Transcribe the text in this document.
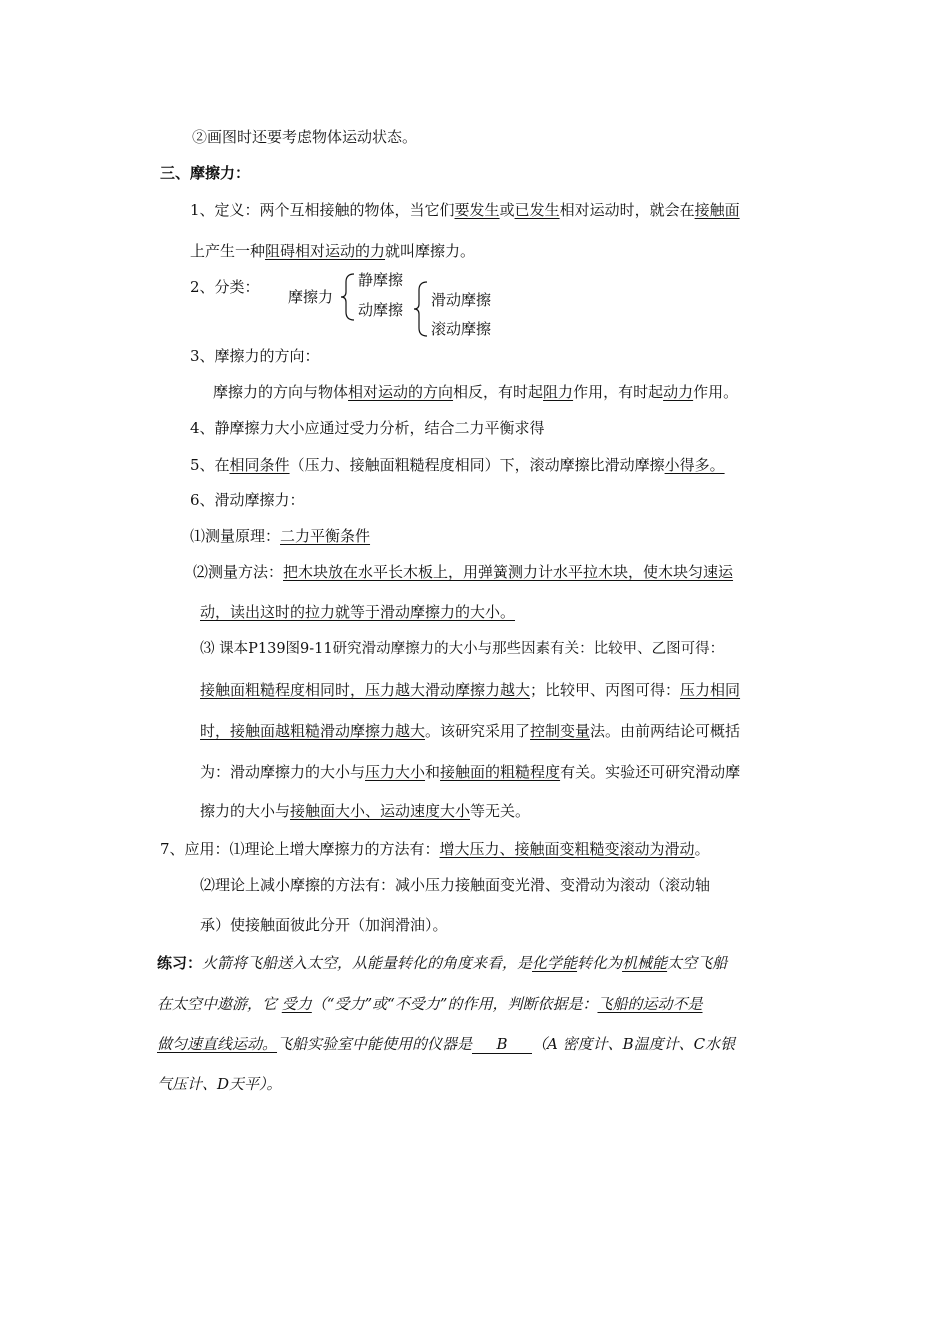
②画图时还要考虑物体运动状态。
三、摩擦力：
1、定义：两个互相接触的物体，当它们要发生或已发生相对运动时，就会在接触面
上产生一种阻碍相对运动的力就叫摩擦力。
2、分类：
摩擦力
静摩擦
动摩擦
滑动摩擦
滚动摩擦
3、摩擦力的方向：
摩擦力的方向与物体相对运动的方向相反，有时起阻力作用，有时起动力作用。
4、静摩擦力大小应通过受力分析，结合二力平衡求得
5、在相同条件（压力、接触面粗糙程度相同）下，滚动摩擦比滑动摩擦小得多。
6、滑动摩擦力：
⑴测量原理：二力平衡条件
⑵测量方法：把木块放在水平长木板上，用弹簧测力计水平拉木块，使木块匀速运
动，读出这时的拉力就等于滑动摩擦力的大小。
⑶ 课本P139图9-11研究滑动摩擦力的大小与那些因素有关：比较甲、乙图可得：
接触面粗糙程度相同时，压力越大滑动摩擦力越大；比较甲、丙图可得：压力相同
时，接触面越粗糙滑动摩擦力越大。该研究采用了控制变量法。由前两结论可概括
为：滑动摩擦力的大小与压力大小和接触面的粗糙程度有关。实验还可研究滑动摩
擦力的大小与接触面大小、运动速度大小等无关。
7、应用：⑴理论上增大摩擦力的方法有：增大压力、接触面变粗糙变滚动为滑动。
⑵理论上减小摩擦的方法有：减小压力接触面变光滑、变滑动为滚动（滚动轴
承）使接触面彼此分开（加润滑油）。
练习：火箭将飞船送入太空，从能量转化的角度来看，是化学能转化为机械能太空飞船
在太空中遨游，它 受力（“受力”或“不受力”的作用，判断依据是：飞船的运动不是
做匀速直线运动。飞船实验室中能使用的仪器是 B （A 密度计、B温度计、C水银
气压计、D天平）。
